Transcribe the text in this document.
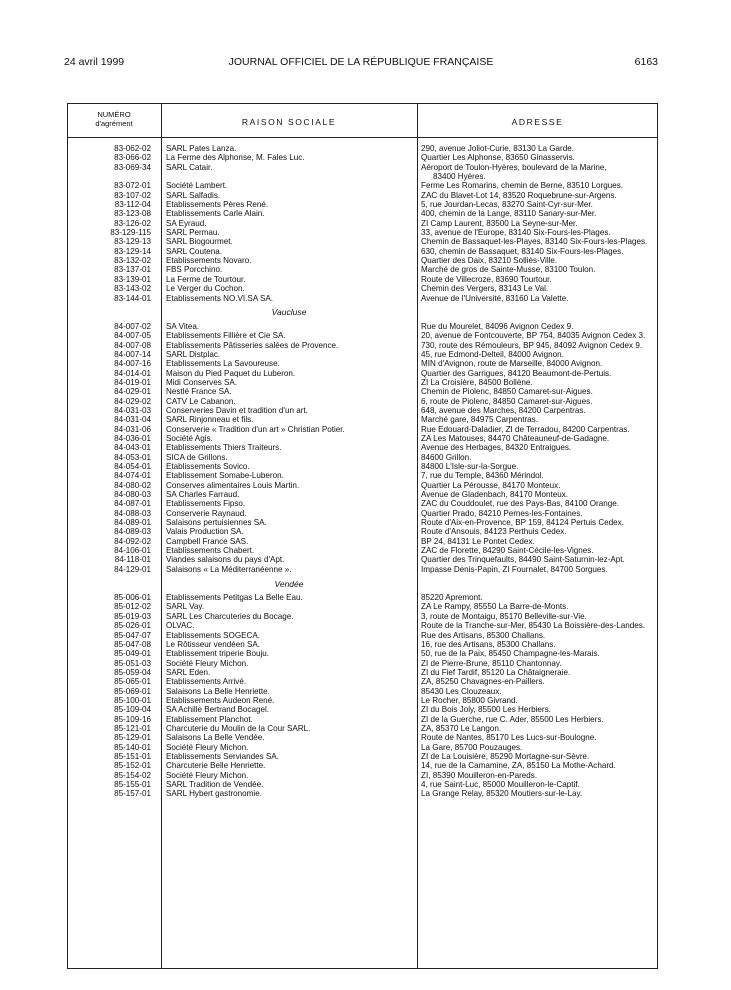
24 avril 1999	JOURNAL OFFICIEL DE LA RÉPUBLIQUE FRANÇAISE	6163
NUMÉRO
d'agrément	RAISON SOCIALE	ADRESSE
83-062-02	SARL Pates Lanza.	290, avenue Joliot-Curie, 83130 La Garde.
83-066-02	La Ferme des Alphonse, M. Fales Luc.	Quartier Les Alphonse, 83650 Ginasservis.
83-069-34	SARL Catair.	Aéroport de Toulon-Hyères, boulevard de la Marine,
83400 Hyères.
83-072-01	Société Lambert.	Ferme Les Romarins, chemin de Berne, 83510 Lorgues.
83-107-02	SARL Salfadis.	ZAC du Blavet-Lot 14, 83520 Roquebrune-sur-Argens.
83-112-04	Etablissements Pères René.	5, rue Jourdan-Lecas, 83270 Saint-Cyr-sur-Mer.
83-123-08	Etablissements Carle Alain.	400, chemin de la Lange, 83110 Sanary-sur-Mer.
83-126-02	SA Eyraud.	ZI Camp Laurent, 83500 La Seyne-sur-Mer.
83-129-115	SARL Permau.	33, avenue de l'Europe, 83140 Six-Fours-les-Plages.
83-129-13	SARL Biogourmet.	Chemin de Bassaquet-les-Playes, 83140 Six-Fours-les-Plages.
83-129-14	SARL Coutena.	630, chemin de Bassaquet, 83140 Six-Fours-les-Plages.
83-132-02	Etablissements Novaro.	Quartier des Daix, 83210 Solliès-Ville.
83-137-01	FBS Porcchino.	Marché de gros de Sainte-Musse, 83100 Toulon.
83-139-01	La Ferme de Tourtour.	Route de Villecroze, 83690 Tourtour.
83-143-02	Le Verger du Cochon.	Chemin des Vergers, 83143 Le Val.
83-144-01	Etablissements NO.VI.SA SA.	Avenue de l'Université, 83160 La Valette.
Vaucluse
84-007-02	SA Vitea.	Rue du Mourelet, 84096 Avignon Cedex 9.
84-007-05	Etablissements Fillière et Cie SA.	20, avenue de Fontcouverte, BP 754, 84035 Avignon Cedex 3.
84-007-08	Etablissements Pâtisseries salées de Provence.	730, route des Rémouleurs, BP 945, 84092 Avignon Cedex 9.
84-007-14	SARL Distplac.	45, rue Edmond-Delteil, 84000 Avignon.
84-007-16	Etablissements La Savoureuse.	MIN d'Avignon, route de Marseille, 84000 Avignon.
84-014-01	Maison du Pied Paquet du Luberon.	Quartier des Garrigues, 84120 Beaumont-de-Pertuis.
84-019-01	Midi Conserves SA.	ZI La Croisière, 84500 Bollène.
84-029-01	Nestlé France SA.	Chemin de Piolenc, 84850 Camaret-sur-Aigues.
84-029-02	CATV Le Cabanon.	6, route de Piolenc, 84850 Camaret-sur-Aigues.
84-031-03	Conserveries Davin et tradition d'un art.	648, avenue des Marches, 84200 Carpentras.
84-031-04	SARL Rinjonneau et fils.	Marché gare, 84975 Carpentras.
84-031-06	Conserverie « Tradition d'un art » Christian Potier.	Rue Edouard-Daladier, ZI de Terradou, 84200 Carpentras.
84-036-01	Société Agis.	ZA Les Matouses, 84470 Châteauneuf-de-Gadagne.
84-043-01	Etablissements Thiers Traiteurs.	Avenue des Herbages, 84320 Entraigues.
84-053-01	SICA de Grillons.	84600 Grillon.
84-054-01	Etablissements Sovico.	84800 L'Isle-sur-la-Sorgue.
84-074-01	Etablissement Somabe-Luberon.	7, rue du Temple, 84360 Mérindol.
84-080-02	Conserves alimentaires Louis Martin.	Quartier La Pérousse, 84170 Monteux.
84-080-03	SA Charles Farraud.	Avenue de Gladenbach, 84170 Monteux.
84-087-01	Etablissements Fipso.	ZAC du Couddoulet, rue des Pays-Bas, 84100 Orange.
84-088-03	Conserverie Raynaud.	Quartier Prado, 84210 Pernes-les-Fontaines.
84-089-01	Salaisons pertuisiennes SA.	Route d'Aix-en-Provence, BP 159, 84124 Pertuis Cedex.
84-089-03	Valais Production SA.	Route d'Ansouis, 84123 Perthuis Cedex.
84-092-02	Campbell France SAS.	BP 24, 84131 Le Pontet Cedex.
84-106-01	Etablissements Chabert.	ZAC de Florette, 84290 Saint-Cécile-les-Vignes.
84-118-01	Viandes salaisons du pays d'Apt.	Quartier des Trinquefaults, 84490 Saint-Saturnin-lez-Apt.
84-129-01	Salaisons « La Méditerranéenne ».	Impasse Denis-Papin, ZI Fournalet, 84700 Sorgues.
Vendée
85-006-01	Etablissements Petitgas La Belle Eau.	85220 Apremont.
85-012-02	SARL Vay.	ZA Le Rampy, 85550 La Barre-de-Monts.
85-019-03	SARL Les Charcuteries du Bocage.	3, route de Montaigu, 85170 Belleville-sur-Vie.
85-026-01	OLVAC.	Route de la Tranche-sur-Mer, 85430 La Boissière-des-Landes.
85-047-07	Etablissements SOGECA.	Rue des Artisans, 85300 Challans.
85-047-08	Le Rôtisseur vendéen SA.	16, rue des Artisans, 85300 Challans.
85-049-01	Etablissement triperie Bouju.	50, rue de la Paix, 85450 Champagne-les-Marais.
85-051-03	Société Fleury Michon.	ZI de Pierre-Brune, 85110 Chantonnay.
85-059-04	SARL Eden.	ZI du Fief Tardif, 85120 La Châtaigneraie.
85-065-01	Etablissements Arrivé.	ZA, 85250 Chavagnes-en-Paillers.
85-069-01	Salaisons La Belle Henriette.	85430 Les Clouzeaux.
85-100-01	Etablissements Audeon René.	Le Rocher, 85800 Givrand.
85-109-04	SA Achille Bertrand Bocagel.	ZI du Bois Joly, 85500 Les Herbiers.
85-109-16	Etablissement Planchot.	ZI de la Guerche, rue C. Ader, 85500 Les Herbiers.
85-121-01	Charcuterie du Moulin de la Cour SARL.	ZA, 85370 Le Langon.
85-129-01	Salaisons La Belle Vendée.	Route de Nantes, 85170 Les Lucs-sur-Boulogne.
85-140-01	Société Fleury Michon.	La Gare, 85700 Pouzauges.
85-151-01	Etablissements Serviandes SA.	ZI de La Louisière, 85290 Mortagne-sur-Sèvre.
85-152-01	Charcuterie Belle Henriette.	14, rue de la Camamine, ZA, 85150 La Mothe-Achard.
85-154-02	Société Fleury Michon.	ZI, 85390 Mouilleron-en-Pareds.
85-155-01	SARL Tradition de Vendée.	4, rue Saint-Luc, 85000 Mouilleron-le-Captif.
85-157-01	SARL Hybert gastronomie.	La Grange Relay, 85320 Moutiers-sur-le-Lay.
